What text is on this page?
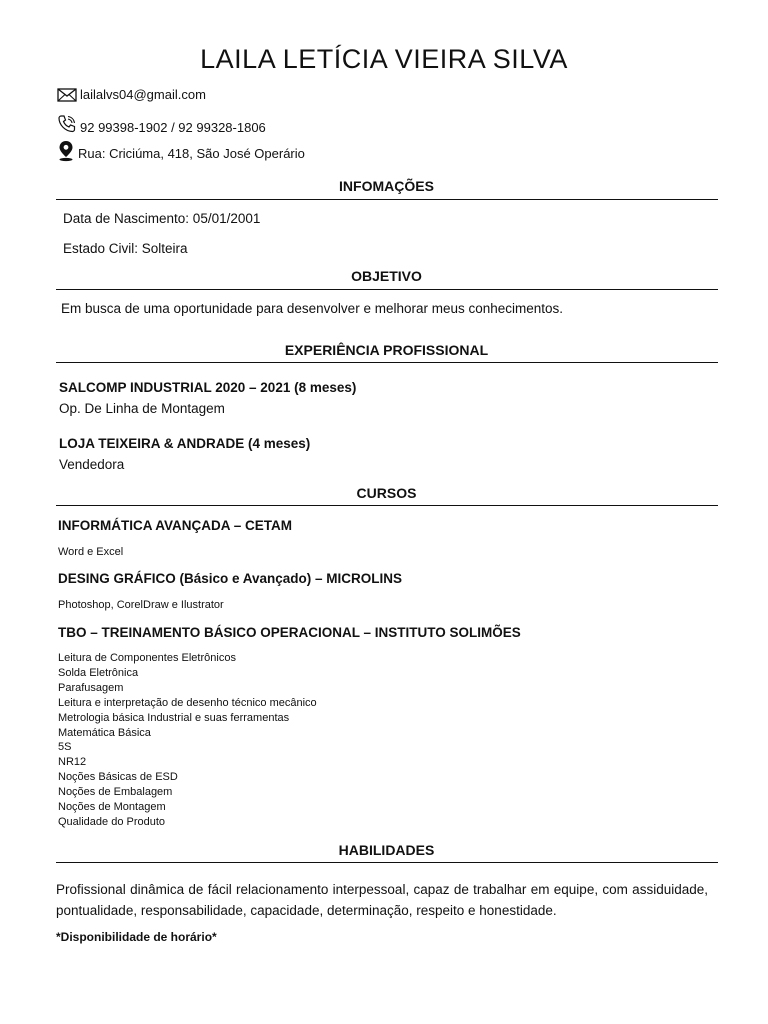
LAILA LETÍCIA VIEIRA SILVA
lailalvs04@gmail.com
92 99398-1902 / 92 99328-1806
Rua: Criciúma, 418, São José Operário
INFOMAÇÕES
Data de Nascimento: 05/01/2001
Estado Civil: Solteira
OBJETIVO
Em busca de uma oportunidade para desenvolver e melhorar meus conhecimentos.
EXPERIÊNCIA PROFISSIONAL
SALCOMP INDUSTRIAL 2020 – 2021 (8 meses)
Op. De Linha de Montagem
LOJA TEIXEIRA & ANDRADE (4 meses)
Vendedora
CURSOS
INFORMÁTICA AVANÇADA – CETAM
Word e Excel
DESING GRÁFICO (Básico e Avançado) – MICROLINS
Photoshop, CorelDraw e Ilustrator
TBO – TREINAMENTO BÁSICO OPERACIONAL – INSTITUTO SOLIMÕES
Leitura de Componentes Eletrônicos
Solda Eletrônica
Parafusagem
Leitura e interpretação de desenho técnico mecânico
Metrologia básica Industrial e suas ferramentas
Matemática Básica
5S
NR12
Noções Básicas de ESD
Noções de Embalagem
Noções de Montagem
Qualidade do Produto
HABILIDADES
Profissional dinâmica de fácil relacionamento interpessoal, capaz de trabalhar em equipe, com assiduidade, pontualidade, responsabilidade, capacidade, determinação, respeito e honestidade.
*Disponibilidade de horário*
